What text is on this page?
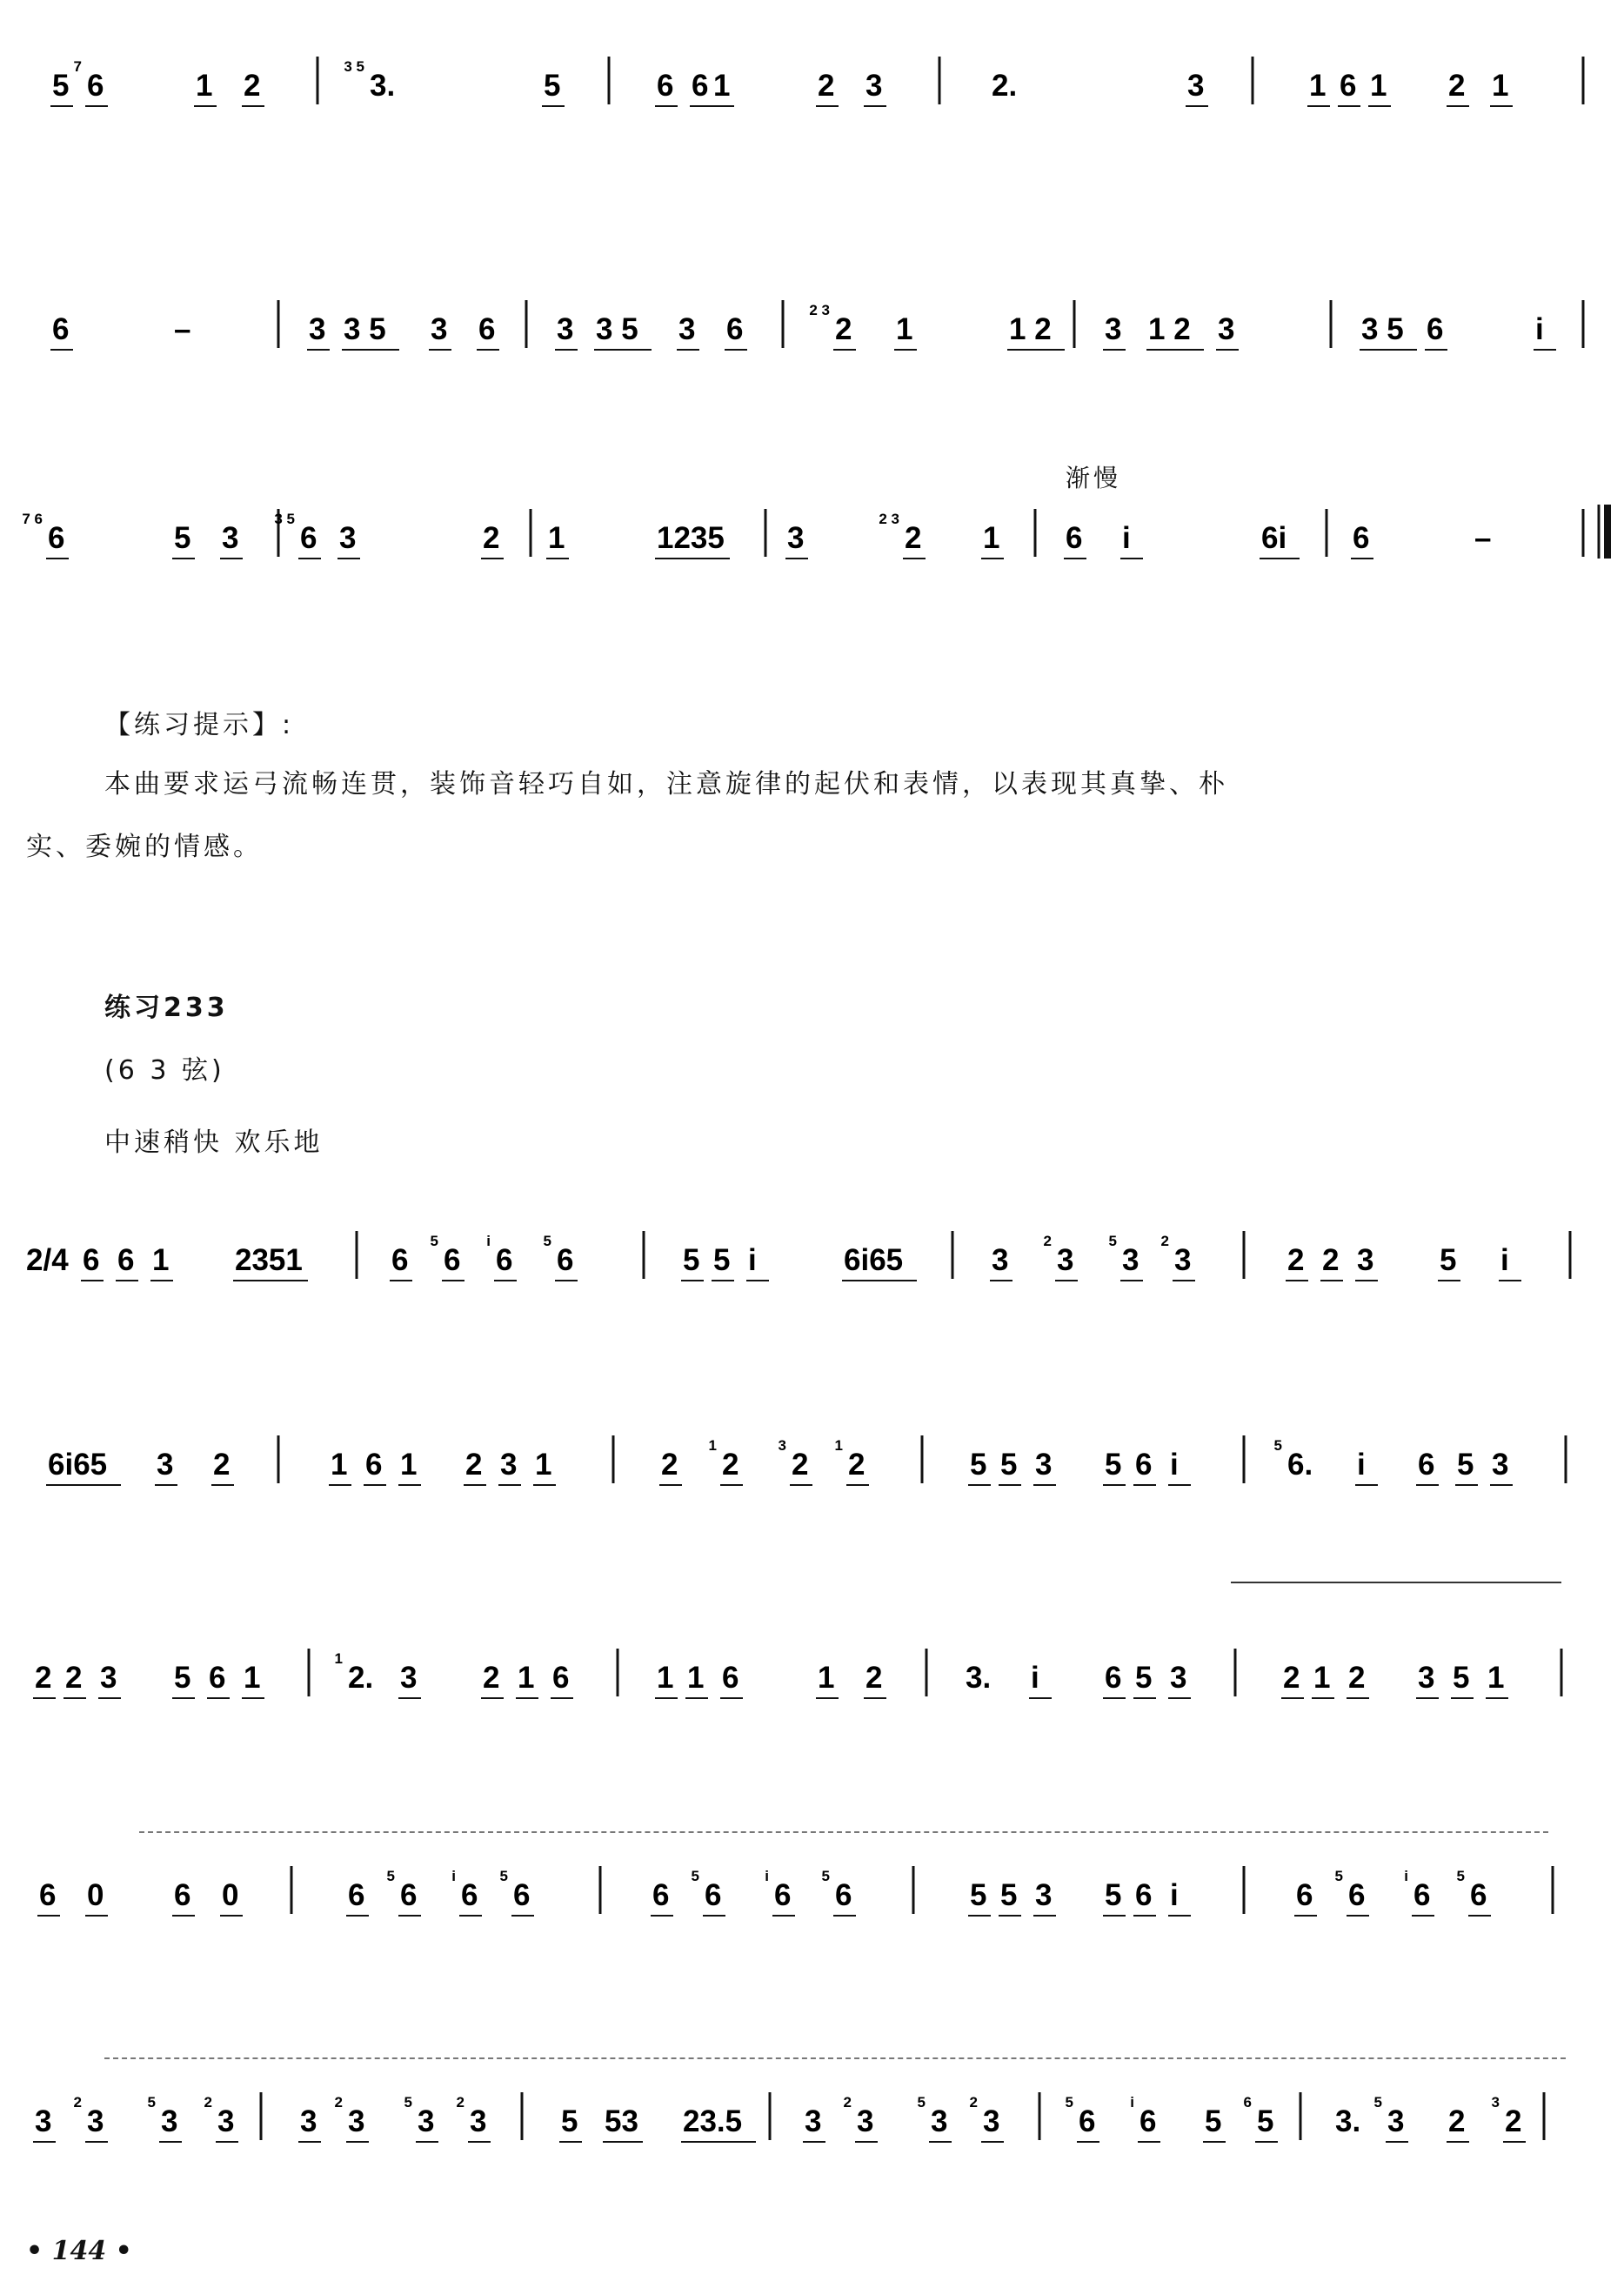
5
7
6	1 2
3 5
3.	5	6 6 1	2 3	2.	3	1 6 1 2 1
6	–	3 3 5 3 6 3 3 5 3 6
2 3
2 1	1 2 3 1 2 3	3 5 6	i
7 6
6	5 3
3 5
6 3	2 1	1235 3
2 3
2 1 6 i	6i 6	–
2/4 6 6 1 2351	6
5
6
i
6
5
6	5 5 i	6i65	3
2
3
5
3
2
3	2 2 3 5 i
6i65 3 2	1 6 1 2 3 1	2
1
2
3
2
1
2	5 5 3 5 6 i
5
6. i 6 5 3
2 2 3 5 6 1
1
2. 3 2 1 6	1 1 6	1 2	3. i 6 5 3	2 1 2 3 5 1
6 0 6 0	6
5
6
i
6
5
6	6
5
6
i
6
5
6	5 5 3 5 6 i	6
5
6
i
6
5
6
3
2
3
5
3
2
3 3
2
3
5
3
2
3 5 53 23.5 3
2
3
5
3
2
3
5
6
i
6 5
6
5 3.
5
3 2
3
2
【练习提示】:
本曲要求运弓流畅连贯，装饰音轻巧自如，注意旋律的起伏和表情，以表现其真挚、朴
实、委婉的情感。
练习233
(6 3 弦)
中速稍快 欢乐地
渐慢
• 144 •
